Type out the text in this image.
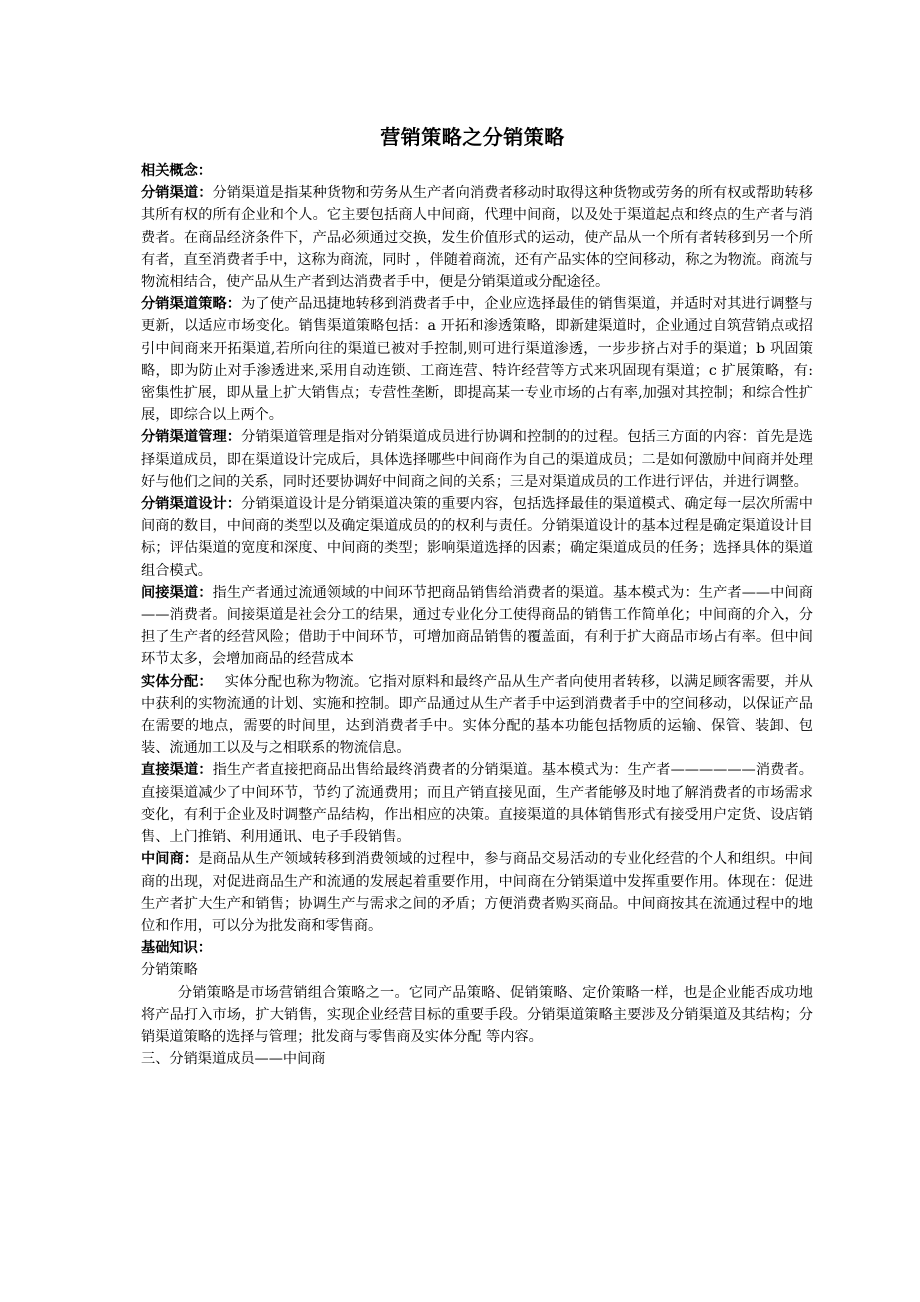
营销策略之分销策略

相关概念：

分销渠道：分销渠道是指某种货物和劳务从生产者向消费者移动时取得这种货物或劳务的所有权或帮助转移其所有权的所有企业和个人。它主要包括商人中间商，代理中间商，以及处于渠道起点和终点的生产者与消费者。在商品经济条件下，产品必须通过交换，发生价值形式的运动，使产品从一个所有者转移到另一个所有者，直至消费者手中，这称为商流，同时 ，伴随着商流，还有产品实体的空间移动，称之为物流。商流与物流相结合，使产品从生产者到达消费者手中，便是分销渠道或分配途径。

分销渠道策略：为了使产品迅捷地转移到消费者手中，企业应选择最佳的销售渠道，并适时对其进行调整与更新，以适应市场变化。销售渠道策略包括：a 开拓和渗透策略，即新建渠道时，企业通过自筑营销点或招引中间商来开拓渠道,若所向往的渠道已被对手控制,则可进行渠道渗透，一步步挤占对手的渠道；b 巩固策略，即为防止对手渗透进来,采用自动连锁、工商连营、特许经营等方式来巩固现有渠道；c 扩展策略，有: 密集性扩展，即从量上扩大销售点；专营性垄断，即提高某一专业市场的占有率,加强对其控制；和综合性扩展，即综合以上两个。

分销渠道管理：分销渠道管理是指对分销渠道成员进行协调和控制的的过程。包括三方面的内容：首先是选择渠道成员，即在渠道设计完成后，具体选择哪些中间商作为自己的渠道成员；二是如何激励中间商并处理好与他们之间的关系，同时还要协调好中间商之间的关系；三是对渠道成员的工作进行评估，并进行调整。

分销渠道设计：分销渠道设计是分销渠道决策的重要内容，包括选择最佳的渠道模式、确定每一层次所需中间商的数目，中间商的类型以及确定渠道成员的的权利与责任。分销渠道设计的基本过程是确定渠道设计目标；评估渠道的宽度和深度、中间商的类型；影响渠道选择的因素；确定渠道成员的任务；选择具体的渠道组合模式。

间接渠道：指生产者通过流通领域的中间环节把商品销售给消费者的渠道。基本模式为：生产者——中间商——消费者。间接渠道是社会分工的结果，通过专业化分工使得商品的销售工作简单化；中间商的介入，分担了生产者的经营风险；借助于中间环节，可增加商品销售的覆盖面，有利于扩大商品市场占有率。但中间环节太多，会增加商品的经营成本

实体分配：　 实体分配也称为物流。它指对原料和最终产品从生产者向使用者转移，以满足顾客需要，并从中获利的实物流通的计划、实施和控制。即产品通过从生产者手中运到消费者手中的空间移动，以保证产品在需要的地点，需要的时间里，达到消费者手中。实体分配的基本功能包括物质的运输、保管、装卸、包装、流通加工以及与之相联系的物流信息。

直接渠道：指生产者直接把商品出售给最终消费者的分销渠道。基本模式为：生产者——————消费者。直接渠道减少了中间环节，节约了流通费用；而且产销直接见面，生产者能够及时地了解消费者的市场需求变化，有利于企业及时调整产品结构，作出相应的决策。直接渠道的具体销售形式有接受用户定货、设店销售、上门推销、利用通讯、电子手段销售。

中间商：是商品从生产领域转移到消费领域的过程中，参与商品交易活动的专业化经营的个人和组织。中间商的出现，对促进商品生产和流通的发展起着重要作用，中间商在分销渠道中发挥重要作用。体现在：促进生产者扩大生产和销售；协调生产与需求之间的矛盾；方便消费者购买商品。中间商按其在流通过程中的地位和作用，可以分为批发商和零售商。

基础知识：

分销策略

分销策略是市场营销组合策略之一。它同产品策略、促销策略、定价策略一样，也是企业能否成功地将产品打入市场，扩大销售，实现企业经营目标的重要手段。分销渠道策略主要涉及分销渠道及其结构；分销渠道策略的选择与管理；批发商与零售商及实体分配 等内容。

三、分销渠道成员——中间商
